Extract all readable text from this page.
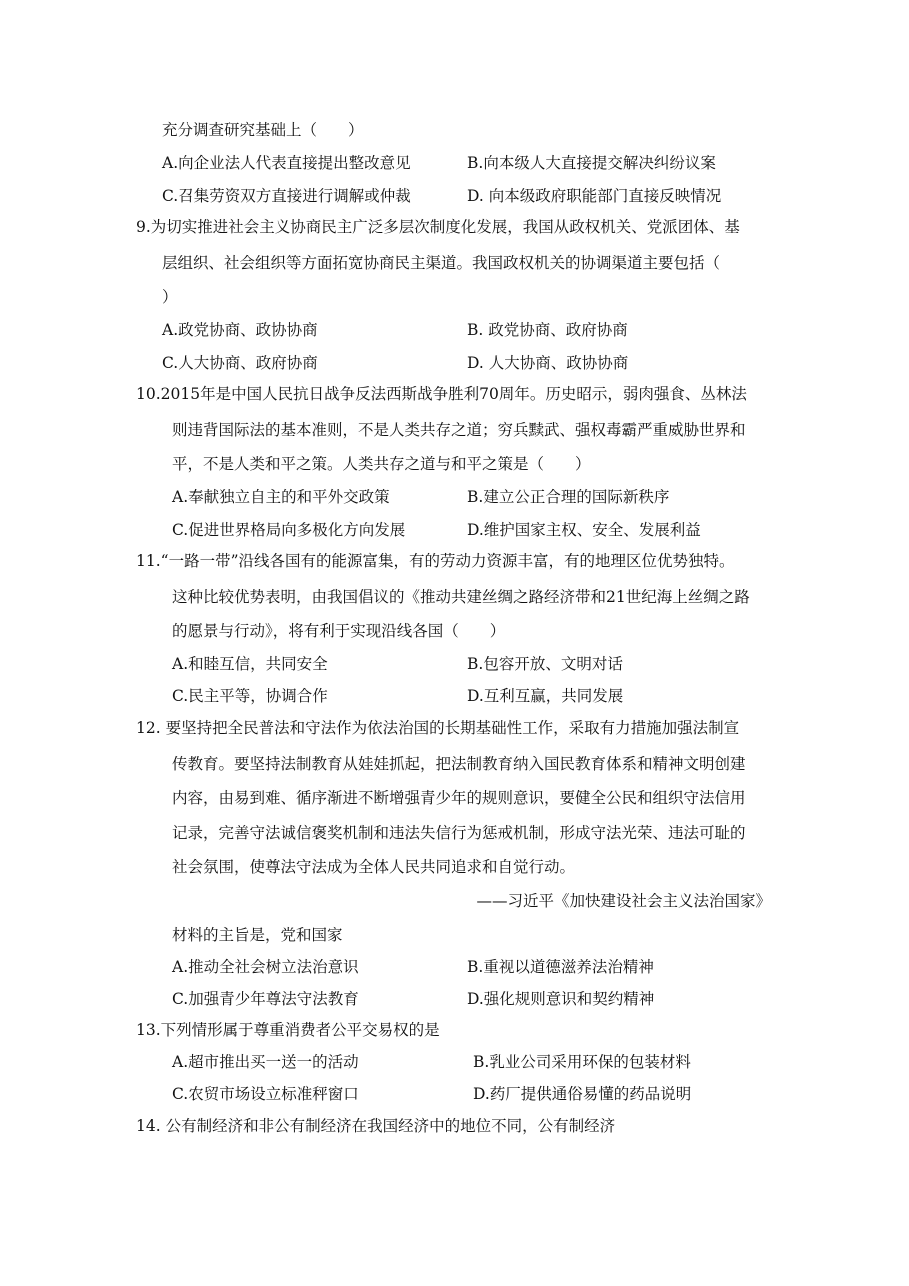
充分调查研究基础上（　　）
A.向企业法人代表直接提出整改意见	B.向本级人大直接提交解决纠纷议案
C.召集劳资双方直接进行调解或仲裁	D. 向本级政府职能部门直接反映情况
9.为切实推进社会主义协商民主广泛多层次制度化发展，我国从政权机关、党派团体、基
层组织、社会组织等方面拓宽协商民主渠道。我国政权机关的协调渠道主要包括（
）
A.政党协商、政协协商	B. 政党协商、政府协商
C.人大协商、政府协商	D. 人大协商、政协协商
10.2015年是中国人民抗日战争反法西斯战争胜利70周年。历史昭示，弱肉强食、丛林法
则违背国际法的基本准则，不是人类共存之道；穷兵黩武、强权毒霸严重威胁世界和
平，不是人类和平之策。人类共存之道与和平之策是（　　）
A.奉献独立自主的和平外交政策	B.建立公正合理的国际新秩序
C.促进世界格局向多极化方向发展	D.维护国家主权、安全、发展利益
11.“一路一带”沿线各国有的能源富集，有的劳动力资源丰富，有的地理区位优势独特。
这种比较优势表明，由我国倡议的《推动共建丝绸之路经济带和21世纪海上丝绸之路
的愿景与行动》，将有利于实现沿线各国（　　）
A.和睦互信，共同安全	B.包容开放、文明对话
C.民主平等，协调合作	D.互利互赢，共同发展
12. 要坚持把全民普法和守法作为依法治国的长期基础性工作，采取有力措施加强法制宣
传教育。要坚持法制教育从娃娃抓起，把法制教育纳入国民教育体系和精神文明创建
内容，由易到难、循序渐进不断增强青少年的规则意识，要健全公民和组织守法信用
记录，完善守法诚信褒奖机制和违法失信行为惩戒机制，形成守法光荣、违法可耻的
社会氛围，使尊法守法成为全体人民共同追求和自觉行动。
——习近平《加快建设社会主义法治国家》
材料的主旨是，党和国家
A.推动全社会树立法治意识	B.重视以道德滋养法治精神
C.加强青少年尊法守法教育	D.强化规则意识和契约精神
13.下列情形属于尊重消费者公平交易权的是
A.超市推出买一送一的活动	B.乳业公司采用环保的包装材料
C.农贸市场设立标准秤窗口	D.药厂提供通俗易懂的药品说明
14. 公有制经济和非公有制经济在我国经济中的地位不同，公有制经济
